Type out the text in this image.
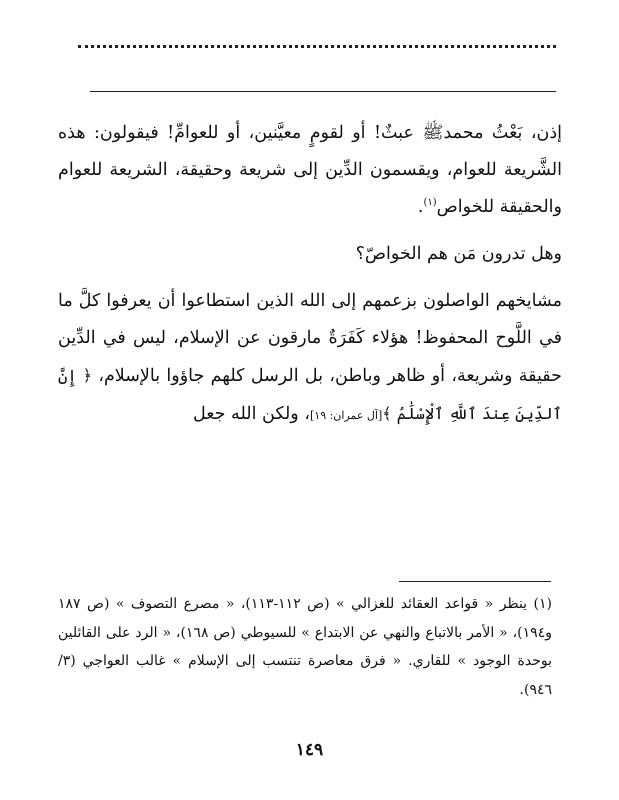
إذن، بَعْثُ محمدﷺ عبثٌ! أو لقومٍ معيَّنين، أو للعوامِّ! فيقولون: هذه الشَّريعة للعوام، ويقسمون الدِّين إلى شريعة وحقيقة، الشريعة للعوام والحقيقة للخواص$^{(١)}$.

وهل تدرون مَن هم الخواصّ؟

مشايخهم الواصلون بزعمهم إلى الله الذين استطاعوا أن يعرفوا كلَّ ما في اللَّوح المحفوظ! هؤلاء كَفَرَةٌ مارقون عن الإسلام، ليس في الدِّين حقيقة وشريعة، أو ظاهر وباطن، بل الرسل كلهم جاؤوا بالإسلام، ﴿ إِنَّ ٱلدِّينَ عِندَ ٱللَّهِ ٱلْإِسْلَٰمُ ﴾[آل عمران: ١٩]، ولكن الله جعل

(١) ينظر « قواعد العقائد للغزالي » (ص ١١٢-١١٣)، « مصرع التصوف » (ص ١٨٧ و١٩٤)، « الأمر بالاتباع والنهي عن الابتداع » للسيوطي (ص ١٦٨)، « الرد على القائلين بوحدة الوجود » للقاري. « فرق معاصرة تنتسب إلى الإسلام » غالب العواجي (٣/ ٩٤٦).

١٤٩
